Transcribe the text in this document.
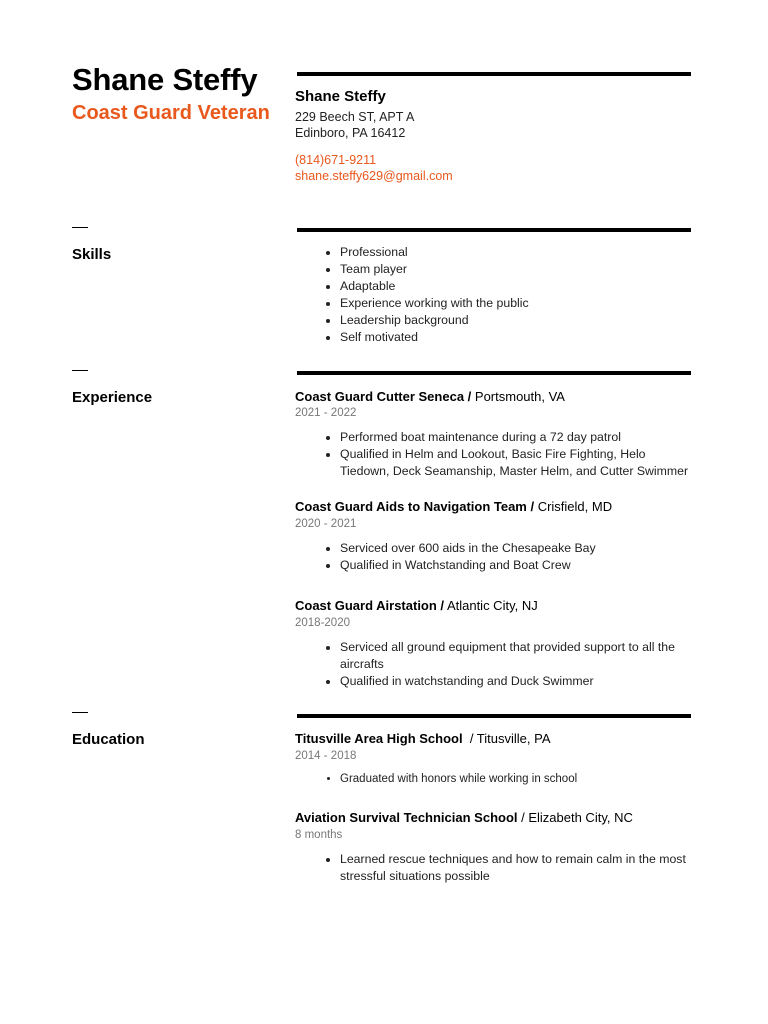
Shane Steffy
Coast Guard Veteran
Shane Steffy
229 Beech ST, APT A
Edinboro, PA 16412
(814)671-9211
shane.steffy629@gmail.com
Skills
•	Professional
• Team player
• Adaptable
• Experience working with the public
• Leadership background
• Self motivated
Experience	Coast Guard Cutter Seneca / Portsmouth, VA
2021 - 2022
• Performed boat maintenance during a 72 day patrol
• Qualified in Helm and Lookout, Basic Fire Fighting, Helo Tiedown, Deck Seamanship, Master Helm, and Cutter Swimmer
Coast Guard Aids to Navigation Team / Crisfield, MD
2020 - 2021
• Serviced over 600 aids in the Chesapeake Bay
• Qualified in Watchstanding and Boat Crew
Coast Guard Airstation / Atlantic City, NJ
2018-2020
• Serviced all ground equipment that provided support to all the aircrafts
• Qualified in watchstanding and Duck Swimmer
Education	Titusville Area High School  / Titusville, PA
2014 - 2018
• Graduated with honors while working in school
Aviation Survival Technician School / Elizabeth City, NC
8 months
• Learned rescue techniques and how to remain calm in the most stressful situations possible
